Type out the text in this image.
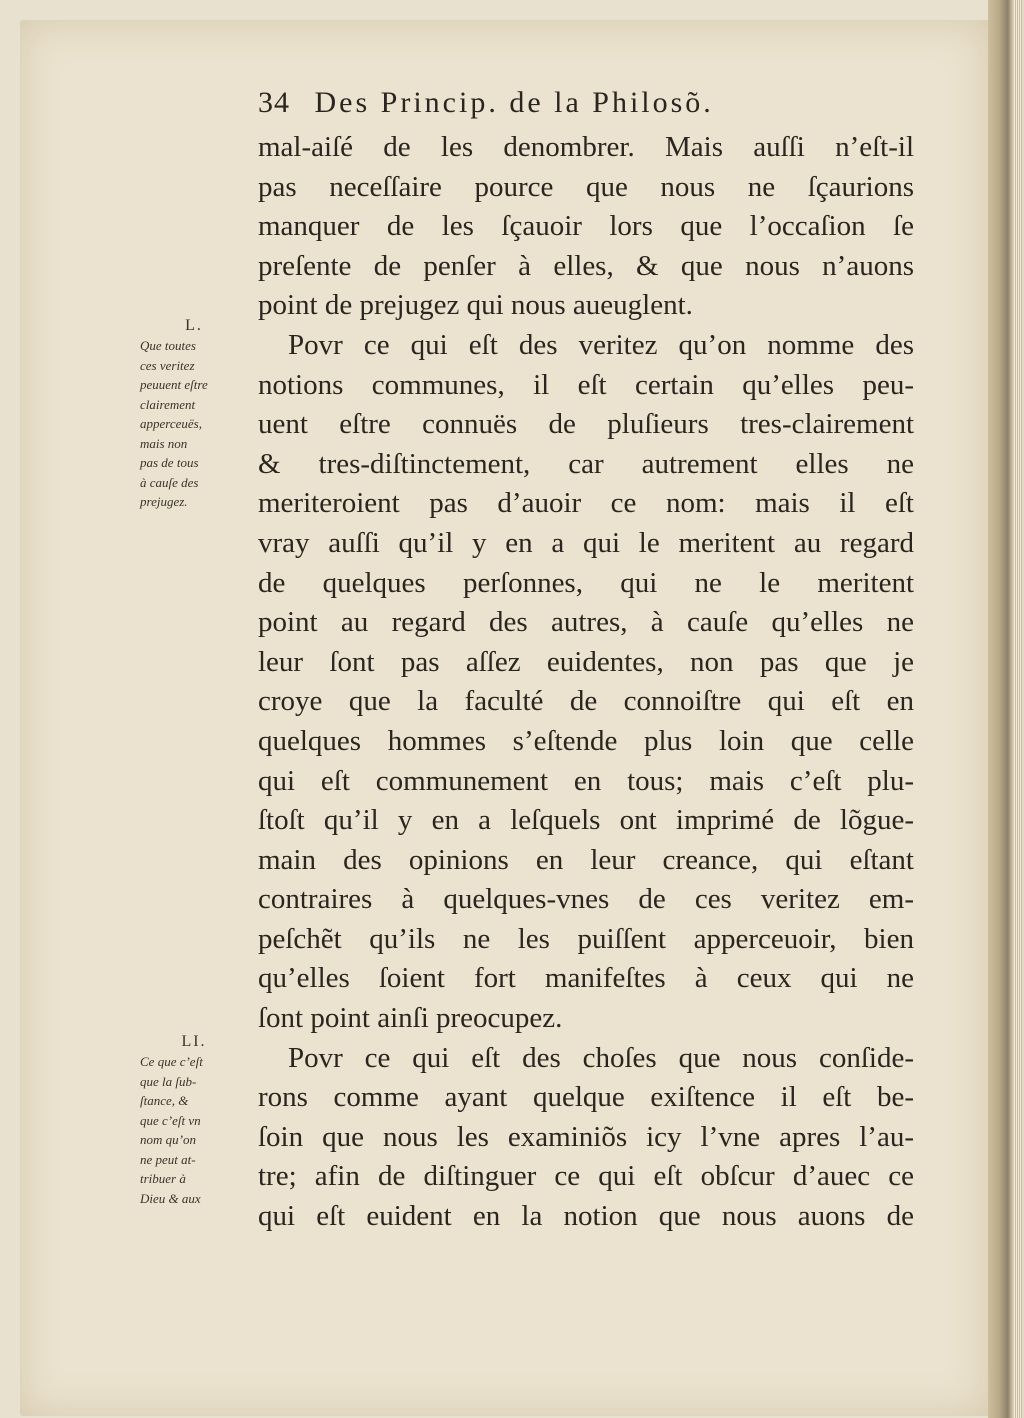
34 Des Princip. de la Philosõ.
mal-aiſé de les denombrer. Mais auſſi n’eſt-il
pas neceſſaire pource que nous ne ſçaurions
manquer de les ſçauoir lors que l’occaſion ſe
preſente de penſer à elles, & que nous n’auons
point de prejugez qui nous aueuglent.
Povr ce qui eſt des veritez qu’on nomme des
notions communes, il eſt certain qu’elles peu-
uent eſtre connuës de pluſieurs tres-clairement
& tres-diſtinctement, car autrement elles ne
meriteroient pas d’auoir ce nom: mais il eſt
vray auſſi qu’il y en a qui le meritent au regard
de quelques perſonnes, qui ne le meritent
point au regard des autres, à cauſe qu’elles ne
leur ſont pas aſſez euidentes, non pas que je
croye que la faculté de connoiſtre qui eſt en
quelques hommes s’eſtende plus loin que celle
qui eſt communement en tous; mais c’eſt plu-
ſtoſt qu’il y en a leſquels ont imprimé de lõgue-
main des opinions en leur creance, qui eſtant
contraires à quelques-vnes de ces veritez em-
peſchẽt qu’ils ne les puiſſent apperceuoir, bien
qu’elles ſoient fort manifeſtes à ceux qui ne
ſont point ainſi preocupez.
Povr ce qui eſt des choſes que nous conſide-
rons comme ayant quelque exiſtence il eſt be-
ſoin que nous les examiniõs icy l’vne apres l’au-
tre; afin de diſtinguer ce qui eſt obſcur d’auec ce
qui eſt euident en la notion que nous auons de
L.
Que toutes
ces veritez
peuuent eſtre
clairement
apperceuës,
mais non
pas de tous
à cauſe des
prejugez.
LI.
Ce que c’eſt
que la ſub-
ſtance, &
que c’eſt vn
nom qu’on
ne peut at-
tribuer à
Dieu & aux
